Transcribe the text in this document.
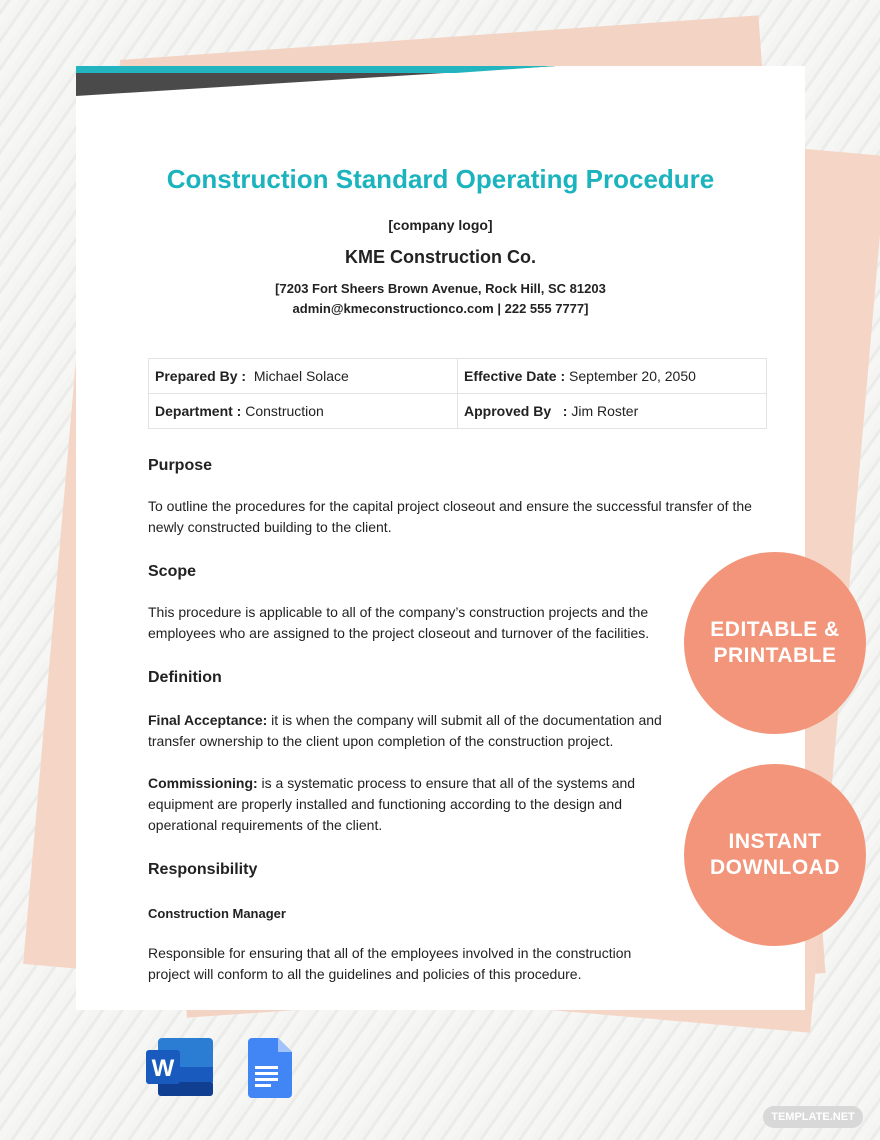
Construction Standard Operating Procedure
[company logo]
KME Construction Co.
[7203 Fort Sheers Brown Avenue, Rock Hill, SC 81203
admin@kmeconstructionco.com | 222 555 7777]
Prepared By : Michael Solace	Effective Date : September 20, 2050
Department : Construction	Approved By   : Jim Roster
Purpose
To outline the procedures for the capital project closeout and ensure the successful transfer of the newly constructed building to the client.
Scope
This procedure is applicable to all of the company’s construction projects and the employees who are assigned to the project closeout and turnover of the facilities.
Definition
Final Acceptance: it is when the company will submit all of the documentation and transfer ownership to the client upon completion of the construction project.
Commissioning: is a systematic process to ensure that all of the systems and equipment are properly installed and functioning according to the design and operational requirements of the client.
Responsibility
Construction Manager
Responsible for ensuring that all of the employees involved in the construction project will conform to all the guidelines and policies of this procedure.
EDITABLE & PRINTABLE
INSTANT DOWNLOAD
W
TEMPLATE.NET
